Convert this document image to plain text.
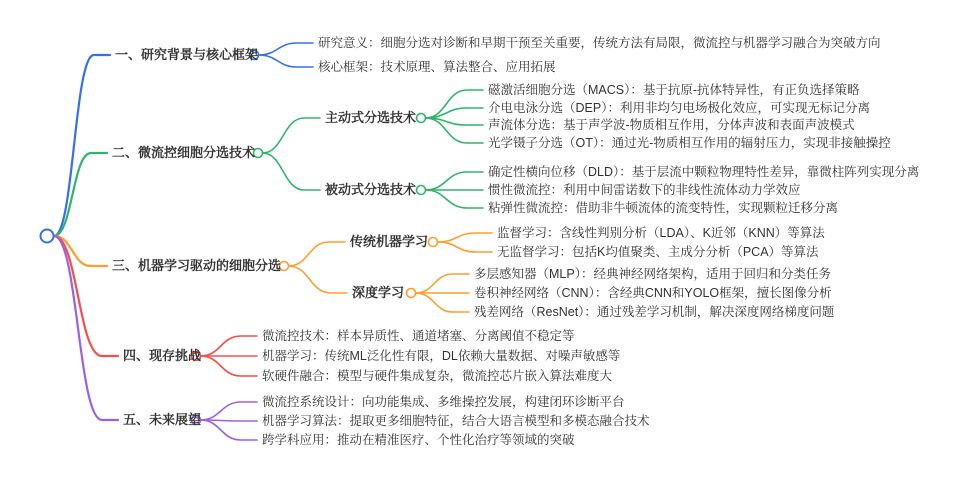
一、研究背景与核心框架
研究意义：细胞分选对诊断和早期干预至关重要，传统方法有局限，微流控与机器学习融合为突破方向
核心框架：技术原理、算法整合、应用拓展
二、微流控细胞分选技术
主动式分选技术
磁激活细胞分选（MACS）：基于抗原-抗体特异性，有正负选择策略
介电电泳分选（DEP）：利用非均匀电场极化效应，可实现无标记分离
声流体分选：基于声学波-物质相互作用，分体声波和表面声波模式
光学镊子分选（OT）：通过光-物质相互作用的辐射压力，实现非接触操控
被动式分选技术
确定性横向位移（DLD）：基于层流中颗粒物理特性差异，靠微柱阵列实现分离
惯性微流控：利用中间雷诺数下的非线性流体动力学效应
粘弹性微流控：借助非牛顿流体的流变特性，实现颗粒迁移分离
三、机器学习驱动的细胞分选
传统机器学习
监督学习：含线性判别分析（LDA）、K近邻（KNN）等算法
无监督学习：包括K均值聚类、主成分分析（PCA）等算法
深度学习
多层感知器（MLP）：经典神经网络架构，适用于回归和分类任务
卷积神经网络（CNN）：含经典CNN和YOLO框架，擅长图像分析
残差网络（ResNet）：通过残差学习机制，解决深度网络梯度问题
四、现存挑战
微流控技术：样本异质性、通道堵塞、分离阈值不稳定等
机器学习：传统ML泛化性有限，DL依赖大量数据、对噪声敏感等
软硬件融合：模型与硬件集成复杂，微流控芯片嵌入算法难度大
五、未来展望
微流控系统设计：向功能集成、多维操控发展，构建闭环诊断平台
机器学习算法：提取更多细胞特征，结合大语言模型和多模态融合技术
跨学科应用：推动在精准医疗、个性化治疗等领域的突破
